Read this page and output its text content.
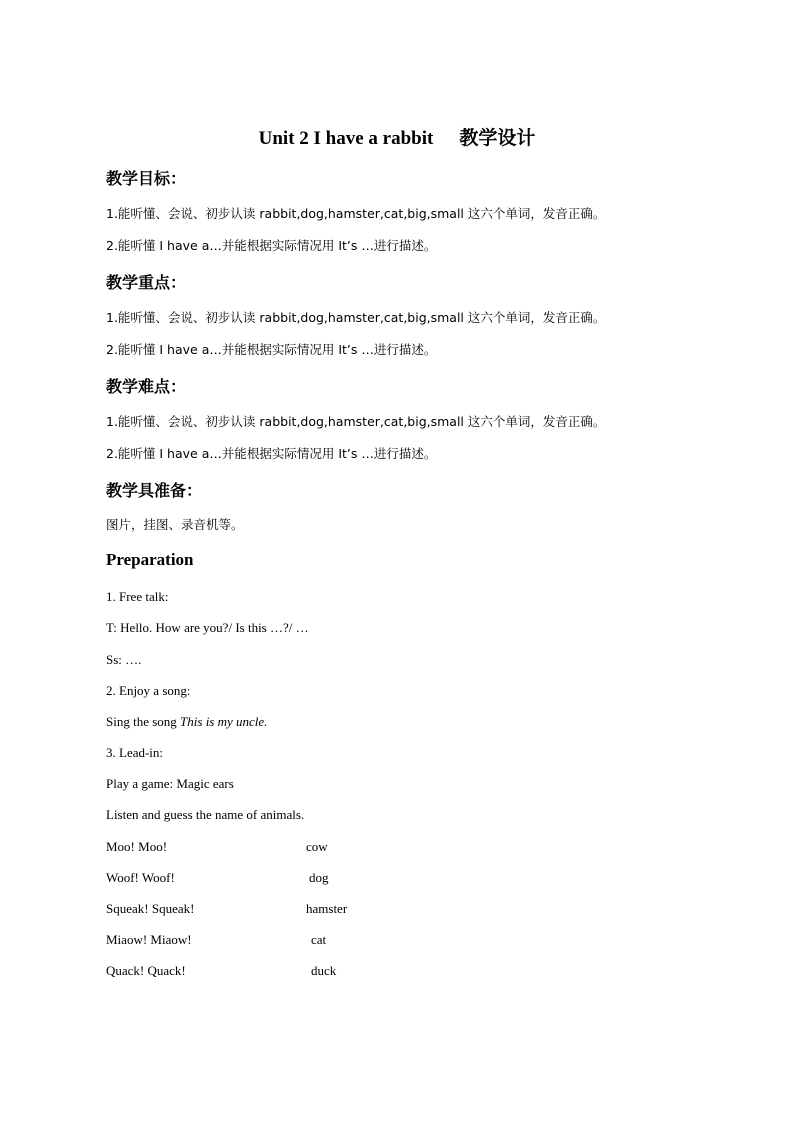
Unit 2 I have a rabbit 教学设计
教学目标：
1.能听懂、会说、初步认读 rabbit,dog,hamster,cat,big,small 这六个单词，发音正确。
2.能听懂 I have a…并能根据实际情况用 It’s …进行描述。
教学重点：
1.能听懂、会说、初步认读 rabbit,dog,hamster,cat,big,small 这六个单词，发音正确。
2.能听懂 I have a…并能根据实际情况用 It’s …进行描述。
教学难点：
1.能听懂、会说、初步认读 rabbit,dog,hamster,cat,big,small 这六个单词，发音正确。
2.能听懂 I have a…并能根据实际情况用 It’s …进行描述。
教学具准备：
图片，挂图、录音机等。
Preparation
1. Free talk:
T: Hello. How are you?/ Is this …?/ …
Ss: ….
2. Enjoy a song:
Sing the song This is my uncle.
3. Lead-in:
Play a game: Magic ears
Listen and guess the name of animals.
Moo! Moo!	cow
Woof! Woof!	dog
Squeak! Squeak!	hamster
Miaow! Miaow!	cat
Quack! Quack!	duck
